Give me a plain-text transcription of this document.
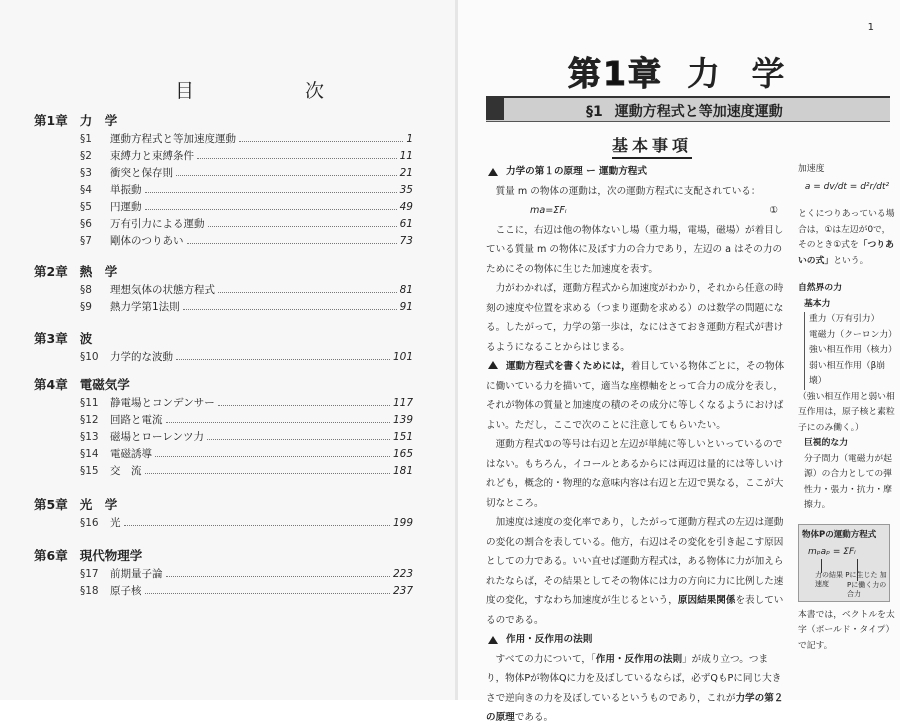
目　次
第1章 力　学
§1	運動方程式と等加速度運動	1
§2	束縛力と束縛条件	11
§3	衝突と保存則	21
§4	単振動	35
§5	円運動	49
§6	万有引力による運動	61
§7	剛体のつりあい	73
第2章 熱　学
§8	理想気体の状態方程式	81
§9	熱力学第1法則	91
第3章 波
§10	力学的な波動	101
第4章 電磁気学
§11	静電場とコンデンサー	117
§12	回路と電流	139
§13	磁場とローレンツ力	151
§14	電磁誘導	165
§15	交　流	181
第5章 光　学
§16	光	199
第6章 現代物理学
§17	前期量子論	223
§18	原子核	237
1
第1章 力 学
§1 運動方程式と等加速度運動
基本事項

力学の第１の原理 ー 運動方程式

質量 m の物体の運動は，次の運動方程式に支配されている：

ma=ΣFᵢ	①

ここに，右辺は他の物体ないし場（重力場，電場，磁場）が着目している質量 m の物体に及ぼす力の合力であり，左辺の a はその力のためにその物体に生じた加速度を表す。

力がわかれば，運動方程式から加速度がわかり，それから任意の時刻の速度や位置を求める（つまり運動を求める）のは数学の問題になる。したがって，力学の第一歩は，なにはさておき運動方程式が書けるようになることからはじまる。

運動方程式を書くためには，着目している物体ごとに，その物体に働いている力を描いて，適当な座標軸をとって合力の成分を表し，それが物体の質量と加速度の積のその成分に等しくなるようにおけばよい。ただし，ここで次のことに注意してもらいたい。

運動方程式①の等号は右辺と左辺が単純に等しいといっているのではない。もちろん，イコールとあるからには両辺は量的には等しいけれども，概念的・物理的な意味内容は右辺と左辺で異なる，ここが大切なところ。

加速度は速度の変化率であり，したがって運動方程式の左辺は運動の変化の割合を表している。他方，右辺はその変化を引き起こす原因としての力である。いい直せば運動方程式は，ある物体に力が加えられたならば，その結果としてその物体には力の方向に力に比例した速度の変化，すなわち加速度が生じるという，原因結果関係を表しているのである。

作用・反作用の法則

すべての力について，「作用・反作用の法則」が成り立つ。つまり，物体Pが物体Qに力を及ぼしているならば，必ずQもPに同じ大きさで逆向きの力を及ぼしているというものであり，これが力学の第２の原理である。

加速度
a = dv/dt = d²r/dt²
とくにつりあっている場合は，①は左辺が0で，そのとき①式を「つりあいの式」という。
自然界の力
基本力
重力（万有引力）
電磁力（クーロン力）
強い相互作用（核力）
弱い相互作用（β崩壊）
（強い相互作用と弱い相互作用は，原子核と素粒子にのみ働く。）
巨視的な力
分子間力（電磁力が起源）の合力としての弾性力・張力・抗力・摩擦力。
物体Pの運動方程式
mₚaₚ = ΣFᵢ
力の結果 Pに生じた 加速度	Pに働く力の 合力
本書では，ベクトルを太字（ボールド・タイプ）で記す。
